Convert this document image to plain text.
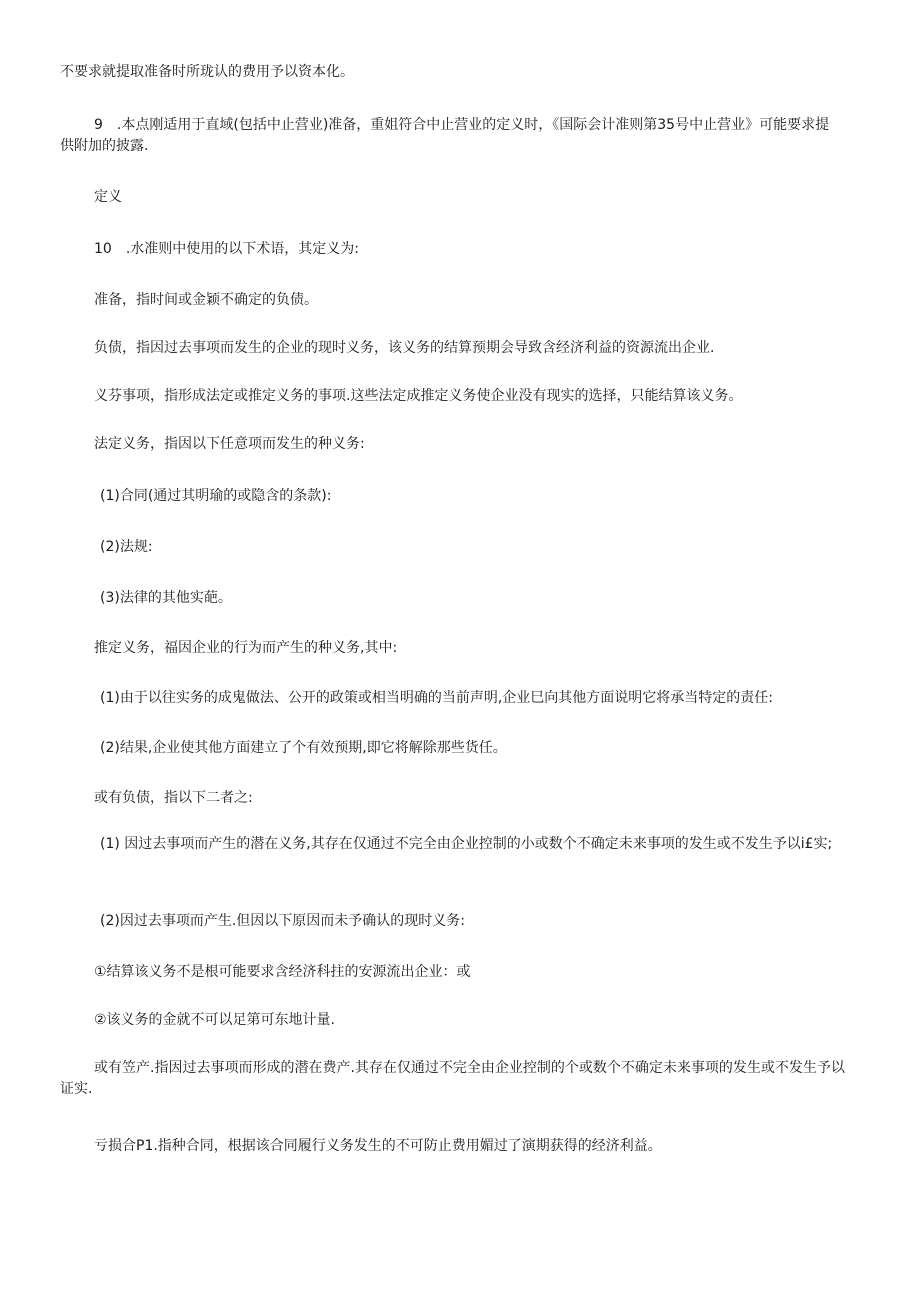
不要求就提取准备时所珑认的费用予以资本化。

9　.本点刚适用于直域(包括中止营业)准备，重姐符合中止营业的定义时，《国际会计准则第35号中止营业》可能要求提供附加的披露.

定义

10　.水准则中使用的以下术语，其定义为:

准备，指时间或金颖不确定的负债。

负债，指因过去事项而发生的企业的现时义务，该义务的结算预期会导致含经济利益的资源流出企业.

义芬事项，指形成法定或推定义务的事项.这些法定成推定义务使企业没有现实的选择，只能结算该义务。

法定义务，指因以下任意项而发生的种义务:

(1)合同(通过其明瑜的或隐含的条款):

(2)法规:

(3)法律的其他实葩。

推定义务，福因企业的行为而产生的种义务,其中:

(1)由于以往实务的成鬼做法、公开的政策或相当明确的当前声明,企业巳向其他方面说明它将承当特定的责任:

(2)结果,企业使其他方面建立了个有效预期,即它将解除那些货任。

或有负债，指以下二者之:

(1) 因过去事项而产生的潜在义务,其存在仅通过不完全由企业控制的小或数个不确定未来事项的发生或不发生予以i£实;

(2)因过去事项而产生.但因以下原因而未予确认的现时义务:

①结算该义务不是根可能要求含经济科拄的安源流出企业：或

②该义务的金就不可以足第可东地计量.

或有笠产.指因过去事项而形成的潜在费产.其存在仅通过不完全由企业控制的个或数个不确定未来事项的发生或不发生予以证实.

亏损合P1.指种合同，根据该合同履行义务发生的不可防止费用媚过了演期获得的经济利益。
